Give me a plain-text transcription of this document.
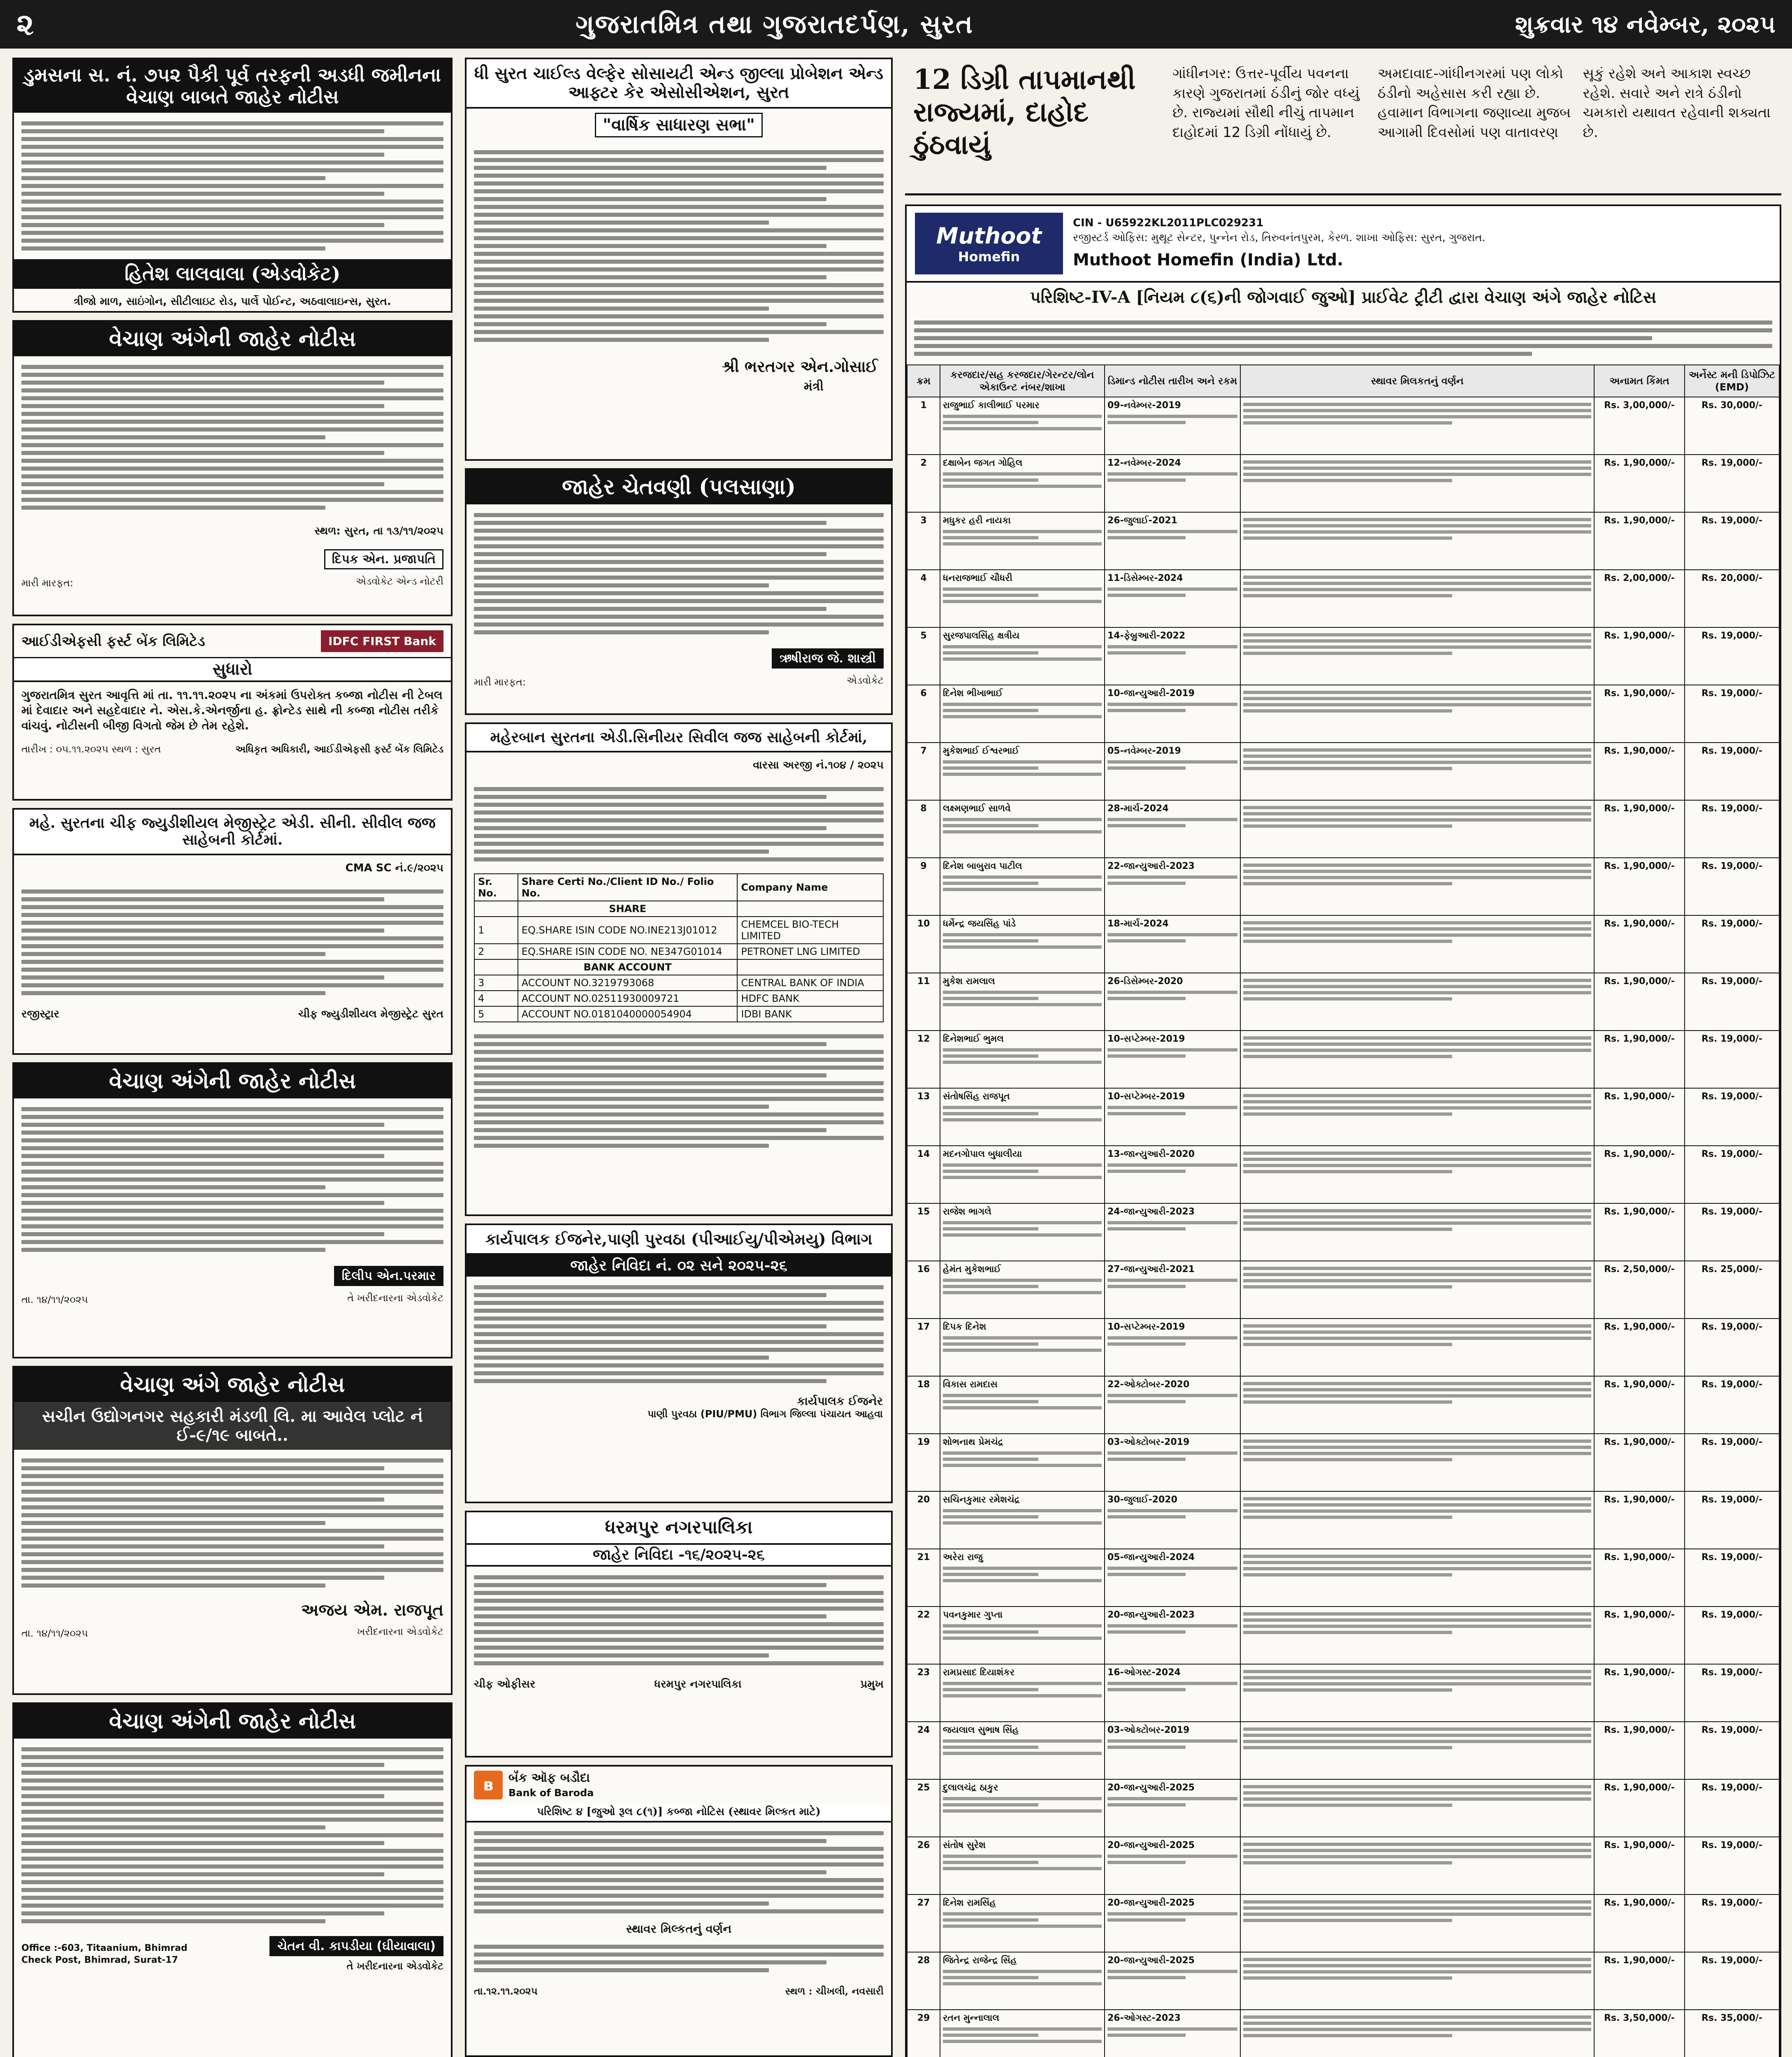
૨	ગુજરાતમિત્ર તથા ગુજરાતદર્પણ, સુરત	શુક્રવાર ૧૪ નવેમ્બર, ૨૦૨૫
ડુમસના સ. નં. ૭૫૨ પૈકી પૂર્વ તરફની અડધી જમીનના વેચાણ બાબતે જાહેર નોટીસ
હિતેશ લાલવાલા (એડવોકેટ)
ત્રીજો માળ, સાઇંગોન, સીટીલાઇટ રોડ, પાર્લે પોઈન્ટ, અઠવાલાઇન્સ, સુરત.
વેચાણ અંગેની જાહેર નોટીસ
સ્થળ: સુરત, તા ૧૩/૧૧/૨૦૨૫
મારી મારફત:
દિપક એન. પ્રજાપતિ
એડવોકેટ એન્ડ નોટરી
આઈડીએફસી ફર્સ્ટ બેંક લિમિટેડ	IDFC FIRST Bank
સુધારો
ગુજરાતમિત્ર સુરત આવૃત્તિ માં તા. ૧૧.૧૧.૨૦૨૫ ના અંકમાં ઉપરોક્ત કબ્જા નોટીસ ની ટેબલ માં દેવાદાર અને સહદેવાદાર ને. એસ.કે.એનર્જીના હ. ફ્રોન્ટેડ સાથે ની કબ્જા નોટીસ તરીકે વાંચવું. નોટીસની બીજી વિગતો જેમ છે તેમ રહેશે.
તારીખ : ૦૫.૧૧.૨૦૨૫ સ્થળ : સુરત	અધિકૃત અધિકારી, આઈડીએફસી ફર્સ્ટ બેંક લિમિટેડ
મહે. સુરતના ચીફ જ્યુડીશીયલ મેજીસ્ટ્રેટ એડી. સીની. સીવીલ જજ સાહેબની કોર્ટમાં.
CMA SC નં.૯/૨૦૨૫
રજીસ્ટ્રાર	ચીફ જ્યુડીશીયલ મેજીસ્ટ્રેટ સુરત
વેચાણ અંગેની જાહેર નોટીસ
તા. ૧૪/૧૧/૨૦૨૫
દિલીપ એન.પરમાર
તે ખરીદનારના એડવોકેટ
વેચાણ અંગે જાહેર નોટીસ
સચીન ઉદ્યોગનગર સહકારી મંડળી લિ. મા આવેલ પ્લોટ નં ઈ-૯/૧૯ બાબતે..
તા. ૧૪/૧૧/૨૦૨૫
અજય એમ. રાજપૂત
ખરીદનારના એડવોકેટ
વેચાણ અંગેની જાહેર નોટીસ
Office :-603, Titaanium, Bhimrad Check Post, Bhimrad, Surat-17
ચેતન વી. કાપડીયા (ઘીયાવાલા)
તે ખરીદનારના એડવોકેટ
ધી સુરત ચાઈલ્ડ વેલ્ફેર સોસાયટી એન્ડ જીલ્લા પ્રોબેશન એન્ડ આફ્ટર કેર એસોસીએશન, સુરત
"વાર્ષિક સાધારણ સભા"
શ્રી ભરતગર એન.ગોસાઈ
મંત્રી
જાહેર ચેતવણી (પલસાણા)
મારી મારફત:
ઋષીરાજ જે. શાસ્ત્રી
એડવોકેટ
મહેરબાન સુરતના એડી.સિનીયર સિવીલ જજ સાહેબની કોર્ટમાં,
વારસા અરજી નં.૧૦૪ / ૨૦૨૫
Sr. No.	Share Certi No./Client ID No./ Folio No.	Company Name
	SHARE	
1	EQ.SHARE ISIN CODE NO.INE213J01012	CHEMCEL BIO-TECH LIMITED
2	EQ.SHARE ISIN CODE NO. NE347G01014	PETRONET LNG LIMITED
	BANK ACCOUNT	
3	ACCOUNT NO.3219793068	CENTRAL BANK OF INDIA
4	ACCOUNT NO.02511930009721	HDFC BANK
5	ACCOUNT NO.0181040000054904	IDBI BANK
કાર્યપાલક ઈજનેર,પાણી પુરવઠા (પીઆઈયુ/પીએમયુ) વિભાગ
જાહેર નિવિદા નં. ૦૨ સને ૨૦૨૫-૨૬
કાર્યપાલક ઈજનેર
પાણી પુરવઠા (PIU/PMU) વિભાગ જિલ્લા પંચાયત આહવા
ધરમપુર નગરપાલિકા
જાહેર નિવિદા -૧૬/૨૦૨૫-૨૬
ચીફ ઓફીસર	ધરમપુર નગરપાલિકા	પ્રમુખ
ʙ	બૅંક ઑફ બડૌદા
Bank of Baroda
પરિશિષ્ટ ૪ [જુઓ રૂલ ૮(૧)] કબ્જા નોટિસ (સ્થાવર મિલ્કત માટે)
સ્થાવર મિલ્કતનું વર્ણન
તા.૧૨.૧૧.૨૦૨૫	સ્થળ : ચીખલી, નવસારી

12 ડિગ્રી તાપમાનથી રાજ્યમાં, દાહોદ ઠુંઠવાયું
ગાંધીનગર: ઉત્તર-પૂર્વીય પવનના કારણે ગુજરાતમાં ઠંડીનું જોર વધ્યું છે. રાજ્યમાં સૌથી નીચું તાપમાન દાહોદમાં 12 ડિગ્રી નોંધાયું છે. અમદાવાદ-ગાંધીનગરમાં પણ લોકો ઠંડીનો અહેસાસ કરી રહ્યા છે. હવામાન વિભાગના જણાવ્યા મુજબ આગામી દિવસોમાં પણ વાતાવરણ સૂકું રહેશે અને આકાશ સ્વચ્છ રહેશે. સવારે અને રાત્રે ઠંડીનો ચમકારો યથાવત રહેવાની શક્યતા છે.
Muthoot
Homefin
CIN - U65922KL2011PLC029231
રજીસ્ટર્ડ ઓફિસ: મુથૂટ સેન્ટર, પુન્નેન રોડ, તિરુવનંતપુરમ, કેરળ. શાખા ઓફિસ: સુરત, ગુજરાત.
Muthoot Homefin (India) Ltd.
પરિશિષ્ટ-IV-A [નિયમ ૮(૬)ની જોગવાઈ જુઓ] પ્રાઈવેટ ટ્રીટી દ્વારા વેચાણ અંગે જાહેર નોટિસ
ક્રમ	કરજદાર/સહ કરજદાર/ગેરન્ટર/લોન એકાઉન્ટ નંબર/શાખા	ડિમાન્ડ નોટીસ તારીખ અને રકમ	સ્થાવર મિલકતનું વર્ણન	અનામત કિંમત	અર્નેસ્ટ મની ડિપોઝિટ (EMD)
1	રાજુભાઈ કાલીભાઈ પરમાર	09-નવેમ્બર-2019		Rs. 3,00,000/-	Rs. 30,000/-
2	દક્ષાબેન જગત ગોહિલ	12-નવેમ્બર-2024		Rs. 1,90,000/-	Rs. 19,000/-
3	મધુકર હરી નાયકા	26-જુલાઈ-2021		Rs. 1,90,000/-	Rs. 19,000/-
4	ધનરાજભાઈ ચૌધરી	11-ડિસેમ્બર-2024		Rs. 2,00,000/-	Rs. 20,000/-
5	સુરજપાલસિંહ ક્ષત્રીય	14-ફેબ્રુઆરી-2022		Rs. 1,90,000/-	Rs. 19,000/-
6	દિનેશ ભીખાભાઈ	10-જાન્યુઆરી-2019		Rs. 1,90,000/-	Rs. 19,000/-
7	મુકેશભાઈ ઈશ્વરભાઈ	05-નવેમ્બર-2019		Rs. 1,90,000/-	Rs. 19,000/-
8	લક્ષ્મણભાઈ સાળવે	28-માર્ચ-2024		Rs. 1,90,000/-	Rs. 19,000/-
9	દિનેશ બાબુરાવ પાટીલ	22-જાન્યુઆરી-2023		Rs. 1,90,000/-	Rs. 19,000/-
10	ધર્મેન્દ્ર જયસિંહ પાંડે	18-માર્ચ-2024		Rs. 1,90,000/-	Rs. 19,000/-
11	મુકેશ રામલાલ	26-ડિસેમ્બર-2020		Rs. 1,90,000/-	Rs. 19,000/-
12	દિનેશભાઈ ભુમલ	10-સપ્ટેમ્બર-2019		Rs. 1,90,000/-	Rs. 19,000/-
13	સંતોષસિંહ રાજપૂત	10-સપ્ટેમ્બર-2019		Rs. 1,90,000/-	Rs. 19,000/-
14	મદનગોપાલ બુધાલીયા	13-જાન્યુઆરી-2020		Rs. 1,90,000/-	Rs. 19,000/-
15	રાજેશ ભાગલે	24-જાન્યુઆરી-2023		Rs. 1,90,000/-	Rs. 19,000/-
16	હેમંત મુકેશભાઈ	27-જાન્યુઆરી-2021		Rs. 2,50,000/-	Rs. 25,000/-
17	દિપક દિનેશ	10-સપ્ટેમ્બર-2019		Rs. 1,90,000/-	Rs. 19,000/-
18	વિકાસ રામદાસ	22-ઓક્ટોબર-2020		Rs. 1,90,000/-	Rs. 19,000/-
19	શોભનાથ પ્રેમચંદ્ર	03-ઓક્ટોબર-2019		Rs. 1,90,000/-	Rs. 19,000/-
20	સચિનકુમાર રમેશચંદ્ર	30-જુલાઈ-2020		Rs. 1,90,000/-	Rs. 19,000/-
21	અરેરા રાજુ	05-જાન્યુઆરી-2024		Rs. 1,90,000/-	Rs. 19,000/-
22	પવનકુમાર ગુપ્તા	20-જાન્યુઆરી-2023		Rs. 1,90,000/-	Rs. 19,000/-
23	રામપ્રસાદ દિયાશંકર	16-ઓગસ્ટ-2024		Rs. 1,90,000/-	Rs. 19,000/-
24	જયલાલ સુભાષ સિંહ	03-ઓક્ટોબર-2019		Rs. 1,90,000/-	Rs. 19,000/-
25	દુલાલચંદ્ર ઠાકુર	20-જાન્યુઆરી-2025		Rs. 1,90,000/-	Rs. 19,000/-
26	સંતોષ સુરેશ	20-જાન્યુઆરી-2025		Rs. 1,90,000/-	Rs. 19,000/-
27	દિનેશ રામસિંહ	20-જાન્યુઆરી-2025		Rs. 1,90,000/-	Rs. 19,000/-
28	જિતેન્દ્ર રાજેન્દ્ર સિંહ	20-જાન્યુઆરી-2025		Rs. 1,90,000/-	Rs. 19,000/-
29	રતન મુન્નાલાલ	26-ઓગસ્ટ-2023		Rs. 3,50,000/-	Rs. 35,000/-
